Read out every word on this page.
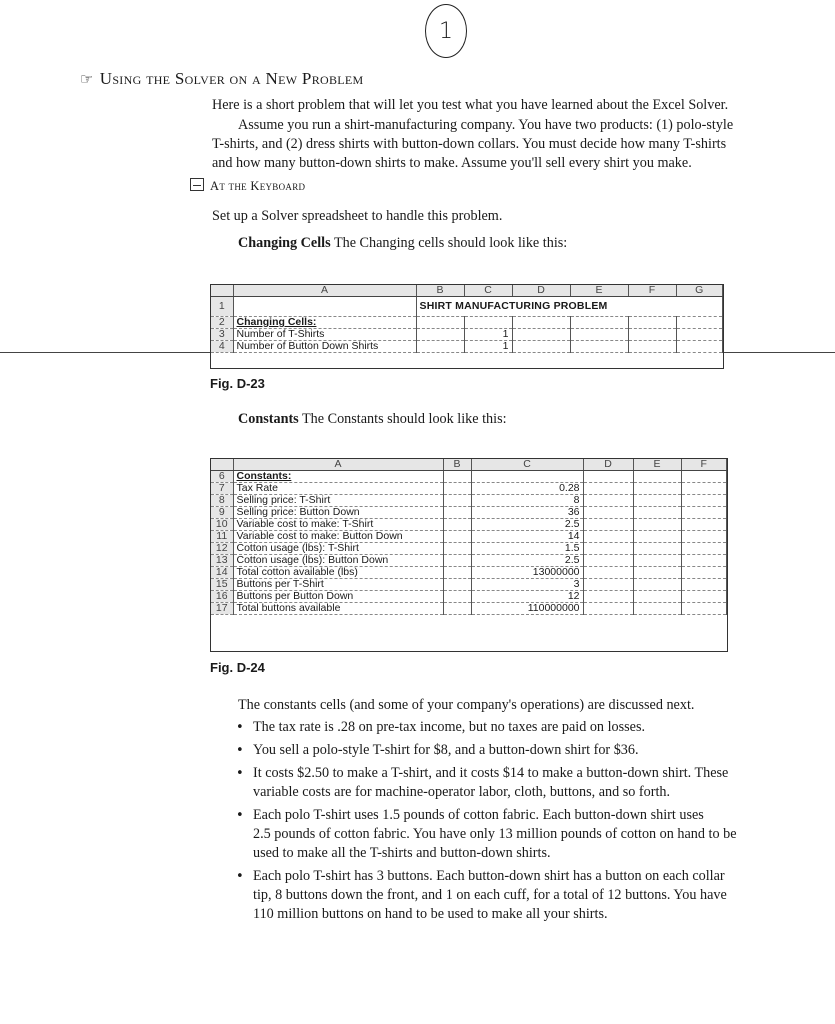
1
☞ Using the Solver on a New Problem
Here is a short problem that will let you test what you have learned about the Excel Solver.
Assume you run a shirt-manufacturing company. You have two products: (1) polo-style
T-shirts, and (2) dress shirts with button-down collars. You must decide how many T-shirts
and how many button-down shirts to make. Assume you'll sell every shirt you make.
At the Keyboard
Set up a Solver spreadsheet to handle this problem.
Changing Cells The Changing cells should look like this:
	A	B	C	D	E	F	G
1		SHIRT MANUFACTURING PROBLEM					
2	Changing Cells:						
3	Number of T-Shirts		1				
4	Number of Button Down Shirts		1				
Fig. D-23
Constants The Constants should look like this:
	A	B	C	D	E	F
6	Constants:					
7	Tax Rate		0.28			
8	Selling price: T-Shirt		8			
9	Selling price: Button Down		36			
10	Variable cost to make: T-Shirt		2.5			
11	Variable cost to make: Button Down		14			
12	Cotton usage (lbs): T-Shirt		1.5			
13	Cotton usage (lbs): Button Down		2.5			
14	Total cotton available (lbs)		13000000			
15	Buttons per T-Shirt		3			
16	Buttons per Button Down		12			
17	Total buttons available		110000000			
Fig. D-24
The constants cells (and some of your company's operations) are discussed next.
• The tax rate is .28 on pre-tax income, but no taxes are paid on losses.
• You sell a polo-style T-shirt for $8, and a button-down shirt for $36.
• It costs $2.50 to make a T-shirt, and it costs $14 to make a button-down shirt. These
variable costs are for machine-operator labor, cloth, buttons, and so forth.
• Each polo T-shirt uses 1.5 pounds of cotton fabric. Each button-down shirt uses
2.5 pounds of cotton fabric. You have only 13 million pounds of cotton on hand to be
used to make all the T-shirts and button-down shirts.
• Each polo T-shirt has 3 buttons. Each button-down shirt has a button on each collar
tip, 8 buttons down the front, and 1 on each cuff, for a total of 12 buttons. You have
110 million buttons on hand to be used to make all your shirts.
